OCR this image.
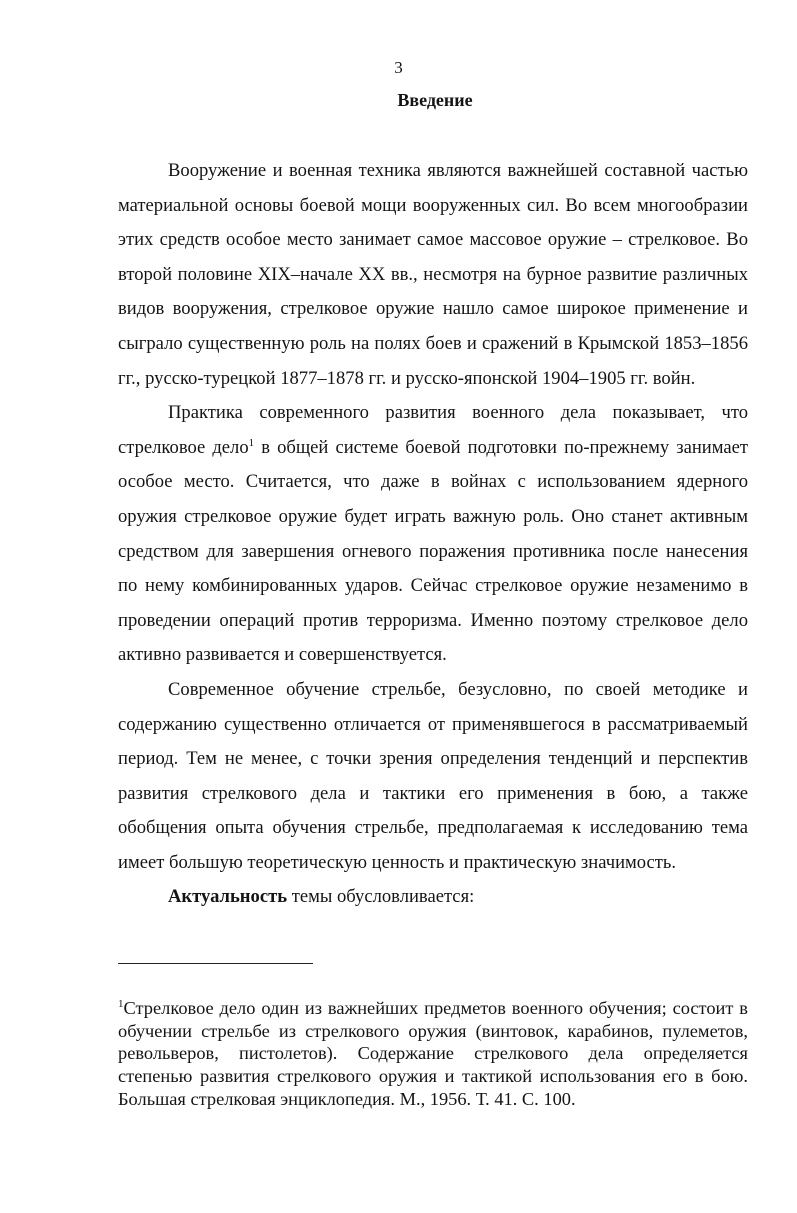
3
Введение

Вооружение и военная техника являются важнейшей составной частью материальной основы боевой мощи вооруженных сил. Во всем многообразии этих средств особое место занимает самое массовое оружие – стрелковое. Во второй половине XIX–начале XX вв., несмотря на бурное развитие различных видов вооружения, стрелковое оружие нашло самое широкое применение и сыграло существенную роль на полях боев и сражений в Крымской 1853–1856 гг., русско-турецкой 1877–1878 гг. и русско-японской 1904–1905 гг. войн.

Практика современного развития военного дела показывает, что стрелковое дело$^1$ в общей системе боевой подготовки по-прежнему занимает особое место. Считается, что даже в войнах с использованием ядерного оружия стрелковое оружие будет играть важную роль. Оно станет активным средством для завершения огневого поражения противника после нанесения по нему комбинированных ударов. Сейчас стрелковое оружие незаменимо в проведении операций против терроризма. Именно поэтому стрелковое дело активно развивается и совершенствуется.

Современное обучение стрельбе, безусловно, по своей методике и содержанию существенно отличается от применявшегося в рассматриваемый период. Тем не менее, с точки зрения определения тенденций и перспектив развития стрелкового дела и тактики его применения в бою, а также обобщения опыта обучения стрельбе, предполагаемая к исследованию тема имеет большую теоретическую ценность и практическую значимость.

Актуальность темы обусловливается:

$^1$Стрелковое дело один из важнейших предметов военного обучения; состоит в обучении стрельбе из стрелкового оружия (винтовок, карабинов, пулеметов, револьверов, пистолетов). Содержание стрелкового дела определяется степенью развития стрелкового оружия и тактикой использования его в бою. Большая стрелковая энциклопедия. М., 1956. Т. 41. С. 100.
